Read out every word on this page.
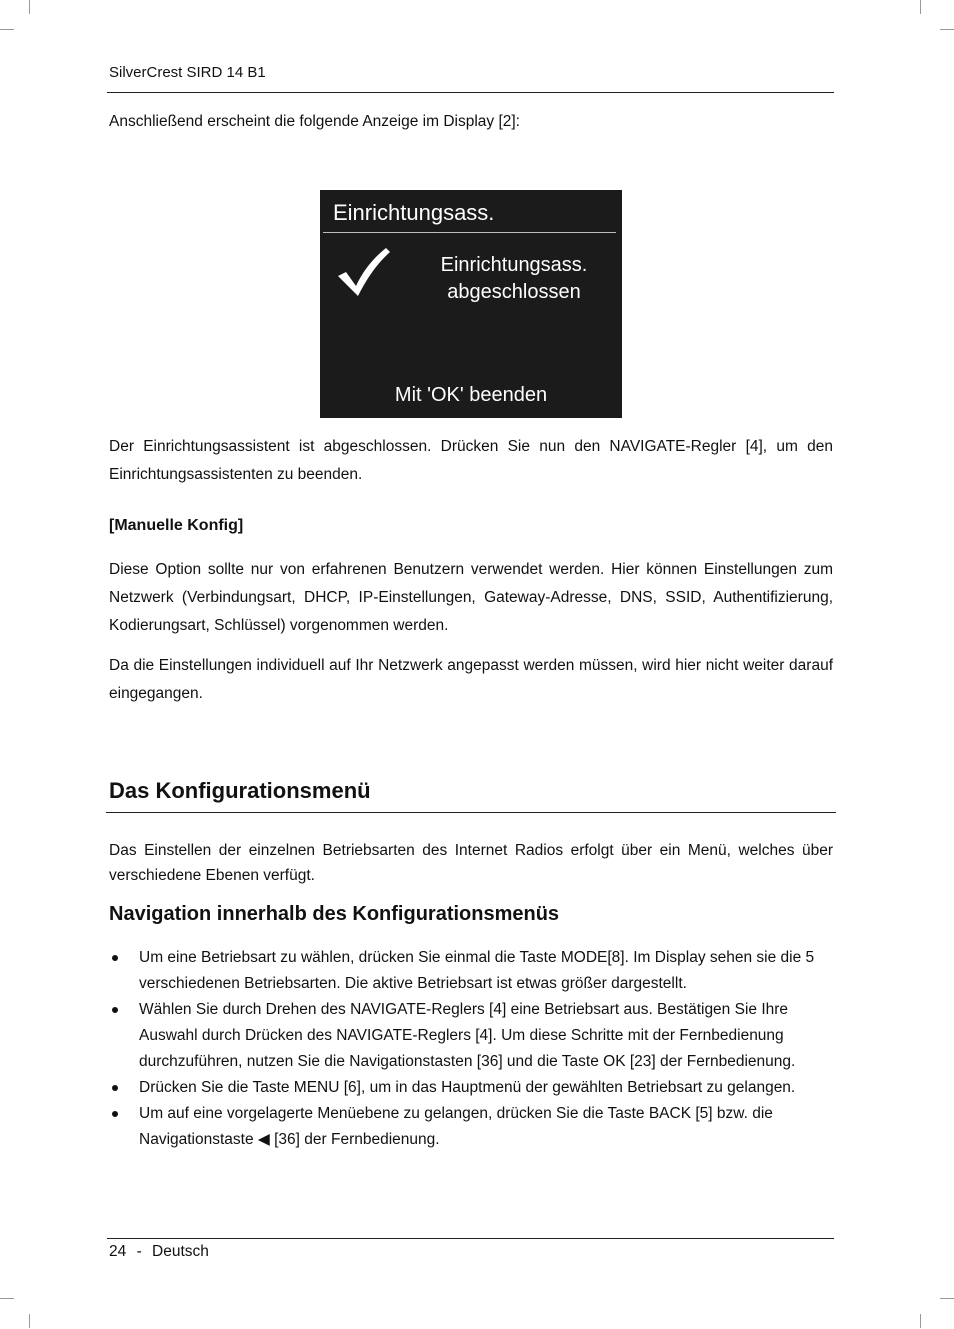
SilverCrest SIRD 14 B1
Anschließend erscheint die folgende Anzeige im Display [2]:
Einrichtungsass.
Einrichtungsass.
abgeschlossen
Mit 'OK' beenden
Der Einrichtungsassistent ist abgeschlossen. Drücken Sie nun den NAVIGATE-Regler [4], um den Einrichtungsassistenten zu beenden.
[Manuelle Konfig]
Diese Option sollte nur von erfahrenen Benutzern verwendet werden. Hier können Einstellungen zum Netzwerk (Verbindungsart, DHCP, IP-Einstellungen, Gateway-Adresse, DNS, SSID, Authentifizierung, Kodierungsart, Schlüssel) vorgenommen werden.
Da die Einstellungen individuell auf Ihr Netzwerk angepasst werden müssen, wird hier nicht weiter darauf eingegangen.
Das Konfigurationsmenü
Das Einstellen der einzelnen Betriebsarten des Internet Radios erfolgt über ein Menü, welches über verschiedene Ebenen verfügt.
Navigation innerhalb des Konfigurationsmenüs
Um eine Betriebsart zu wählen, drücken Sie einmal die Taste MODE[8]. Im Display sehen sie die 5 verschiedenen Betriebsarten. Die aktive Betriebsart ist etwas größer dargestellt.
Wählen Sie durch Drehen des NAVIGATE-Reglers [4] eine Betriebsart aus. Bestätigen Sie Ihre Auswahl durch Drücken des NAVIGATE-Reglers [4]. Um diese Schritte mit der Fernbedienung durchzuführen, nutzen Sie die Navigationstasten [36] und die Taste OK [23] der Fernbedienung.
Drücken Sie die Taste MENU [6], um in das Hauptmenü der gewählten Betriebsart zu gelangen.
Um auf eine vorgelagerte Menüebene zu gelangen, drücken Sie die Taste BACK [5] bzw. die Navigationstaste ◀ [36] der Fernbedienung.
24 - Deutsch
